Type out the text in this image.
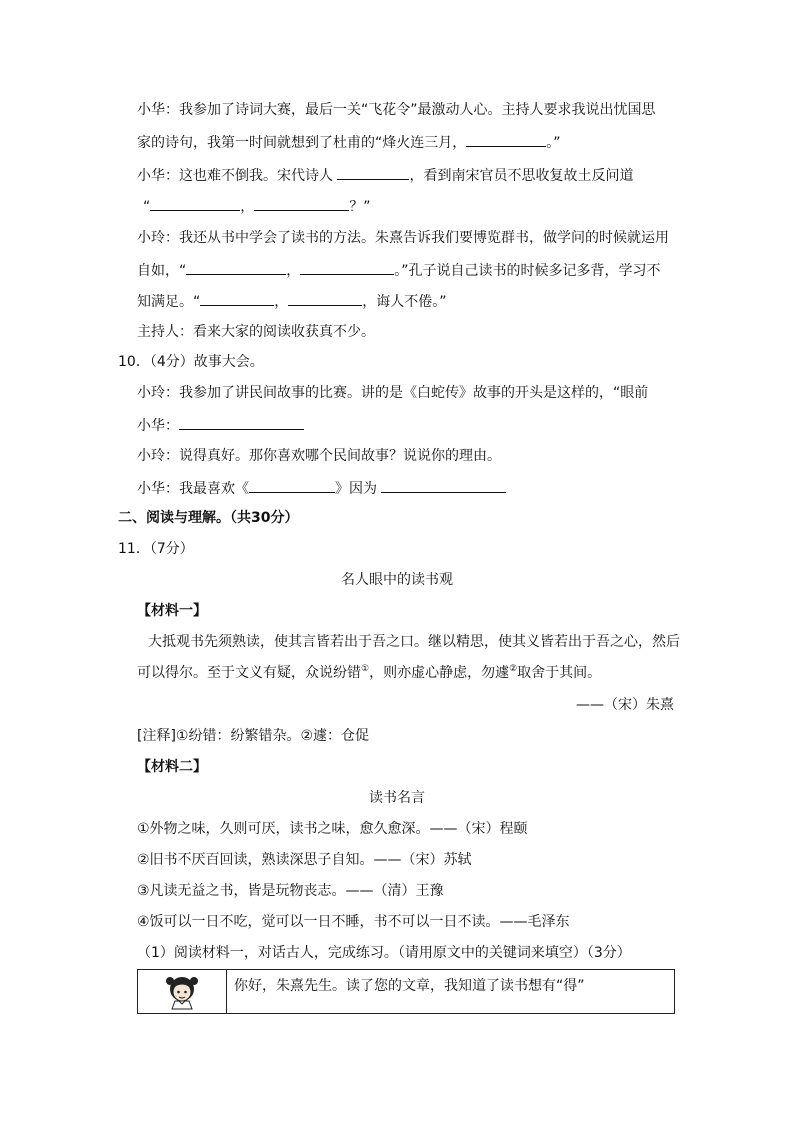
小华：我参加了诗词大赛，最后一关“飞花令”最激动人心。主持人要求我说出忧国思
家的诗句，我第一时间就想到了杜甫的“烽火连三月，	。”
小华：这也难不倒我。宋代诗人	，看到南宋官员不思收复故土反问道
“	，	？”
小玲：我还从书中学会了读书的方法。朱熹告诉我们要博览群书，做学问的时候就运用
自如，“	，	。”孔子说自己读书的时候多记多背，学习不
知满足。“	，	，诲人不倦。”
主持人：看来大家的阅读收获真不少。
10．（4分）故事大会。
小玲：我参加了讲民间故事的比赛。讲的是《白蛇传》故事的开头是这样的，“眼前
小华：
小玲：说得真好。那你喜欢哪个民间故事？说说你的理由。
小华：我最喜欢《	》因为
二、阅读与理解。（共30分）
11．（7分）
名人眼中的读书观
【材料一】
大抵观书先须熟读，使其言皆若出于吾之口。继以精思，使其义皆若出于吾之心，然后
可以得尔。至于文义有疑，众说纷错①，则亦虚心静虑，勿遽②取舍于其间。
——（宋）朱熹
[注释]①纷错：纷繁错杂。②遽：仓促
【材料二】
读书名言
①外物之味，久则可厌，读书之味，愈久愈深。——（宋）程颐
②旧书不厌百回读，熟读深思子自知。——（宋）苏轼
③凡读无益之书，皆是玩物丧志。——（清）王豫
④饭可以一日不吃，觉可以一日不睡，书不可以一日不读。——毛泽东
（1）阅读材料一，对话古人，完成练习。（请用原文中的关键词来填空）（3分）
你好，朱熹先生。读了您的文章，我知道了读书想有“得”
